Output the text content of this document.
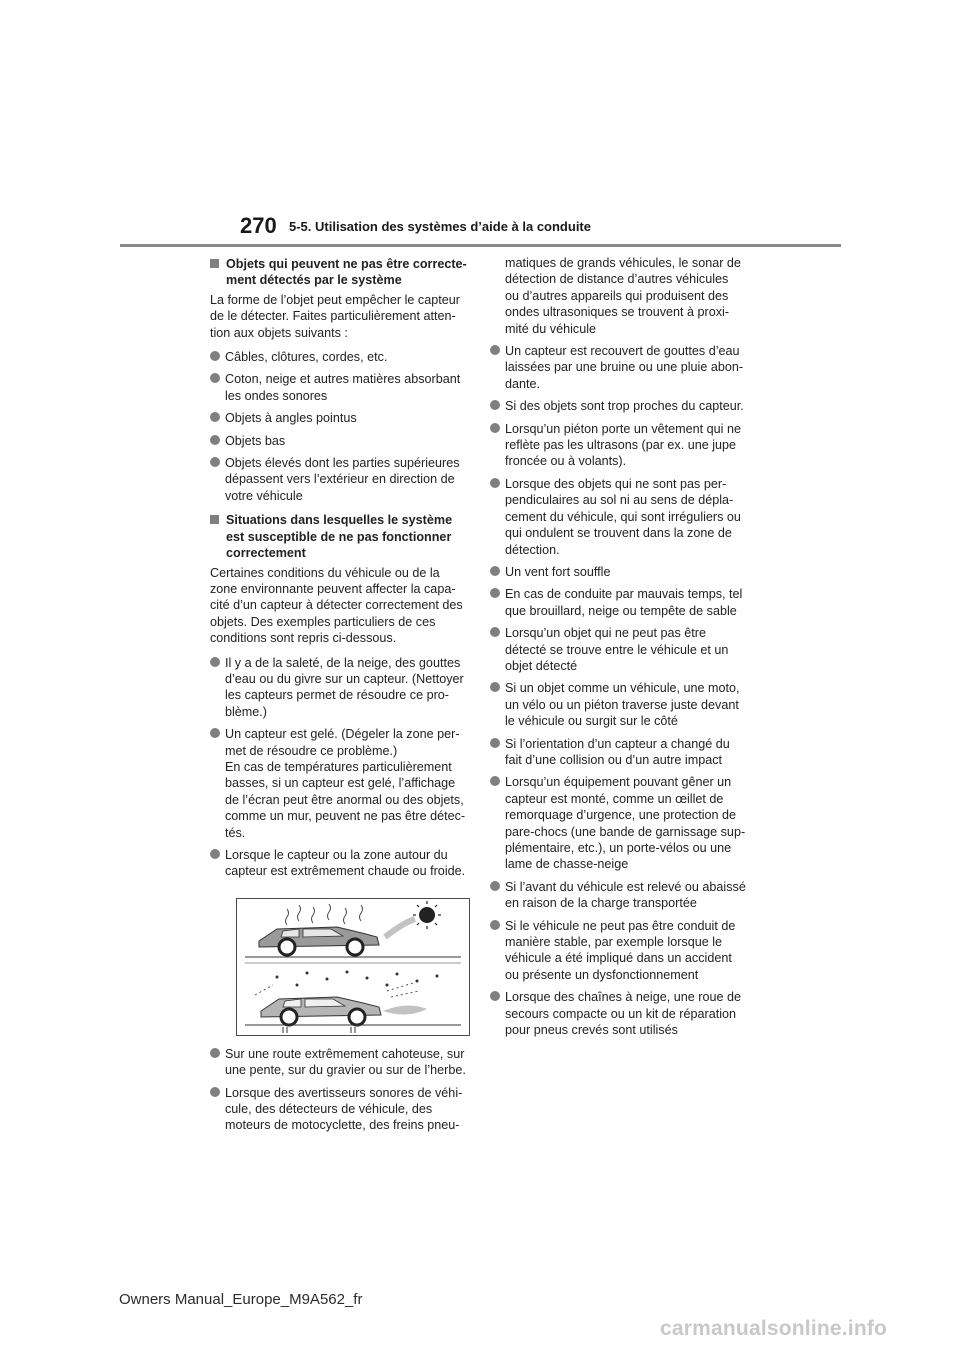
270 5-5. Utilisation des systèmes d’aide à la conduite
Objets qui peuvent ne pas être correcte-
ment détectés par le système

La forme de l’objet peut empêcher le capteur
de le détecter. Faites particulièrement atten-
tion aux objets suivants :

Câbles, clôtures, cordes, etc.
Coton, neige et autres matières absorbant
les ondes sonores
Objets à angles pointus
Objets bas
Objets élevés dont les parties supérieures
dépassent vers l’extérieur en direction de
votre véhicule
Situations dans lesquelles le système
est susceptible de ne pas fonctionner
correctement

Certaines conditions du véhicule ou de la
zone environnante peuvent affecter la capa-
cité d’un capteur à détecter correctement des
objets. Des exemples particuliers de ces
conditions sont repris ci-dessous.

Il y a de la saleté, de la neige, des gouttes
d’eau ou du givre sur un capteur. (Nettoyer
les capteurs permet de résoudre ce pro-
blème.)
Un capteur est gelé. (Dégeler la zone per-
met de résoudre ce problème.)
En cas de températures particulièrement
basses, si un capteur est gelé, l’affichage
de l’écran peut être anormal ou des objets,
comme un mur, peuvent ne pas être détec-
tés.
Lorsque le capteur ou la zone autour du
capteur est extrêmement chaude ou froide.
Sur une route extrêmement cahoteuse, sur
une pente, sur du gravier ou sur de l’herbe.
Lorsque des avertisseurs sonores de véhi-
cule, des détecteurs de véhicule, des
moteurs de motocyclette, des freins pneu-
matiques de grands véhicules, le sonar de
détection de distance d’autres véhicules
ou d’autres appareils qui produisent des
ondes ultrasoniques se trouvent à proxi-
mité du véhicule
Un capteur est recouvert de gouttes d’eau
laissées par une bruine ou une pluie abon-
dante.
Si des objets sont trop proches du capteur.
Lorsqu’un piéton porte un vêtement qui ne
reflète pas les ultrasons (par ex. une jupe
froncée ou à volants).
Lorsque des objets qui ne sont pas per-
pendiculaires au sol ni au sens de dépla-
cement du véhicule, qui sont irréguliers ou
qui ondulent se trouvent dans la zone de
détection.
Un vent fort souffle
En cas de conduite par mauvais temps, tel
que brouillard, neige ou tempête de sable
Lorsqu’un objet qui ne peut pas être
détecté se trouve entre le véhicule et un
objet détecté
Si un objet comme un véhicule, une moto,
un vélo ou un piéton traverse juste devant
le véhicule ou surgit sur le côté
Si l’orientation d’un capteur a changé du
fait d’une collision ou d’un autre impact
Lorsqu’un équipement pouvant gêner un
capteur est monté, comme un œillet de
remorquage d’urgence, une protection de
pare-chocs (une bande de garnissage sup-
plémentaire, etc.), un porte-vélos ou une
lame de chasse-neige
Si l’avant du véhicule est relevé ou abaissé
en raison de la charge transportée
Si le véhicule ne peut pas être conduit de
manière stable, par exemple lorsque le
véhicule a été impliqué dans un accident
ou présente un dysfonctionnement
Lorsque des chaînes à neige, une roue de
secours compacte ou un kit de réparation
pour pneus crevés sont utilisés
Owners Manual_Europe_M9A562_fr
carmanualsonline.info
